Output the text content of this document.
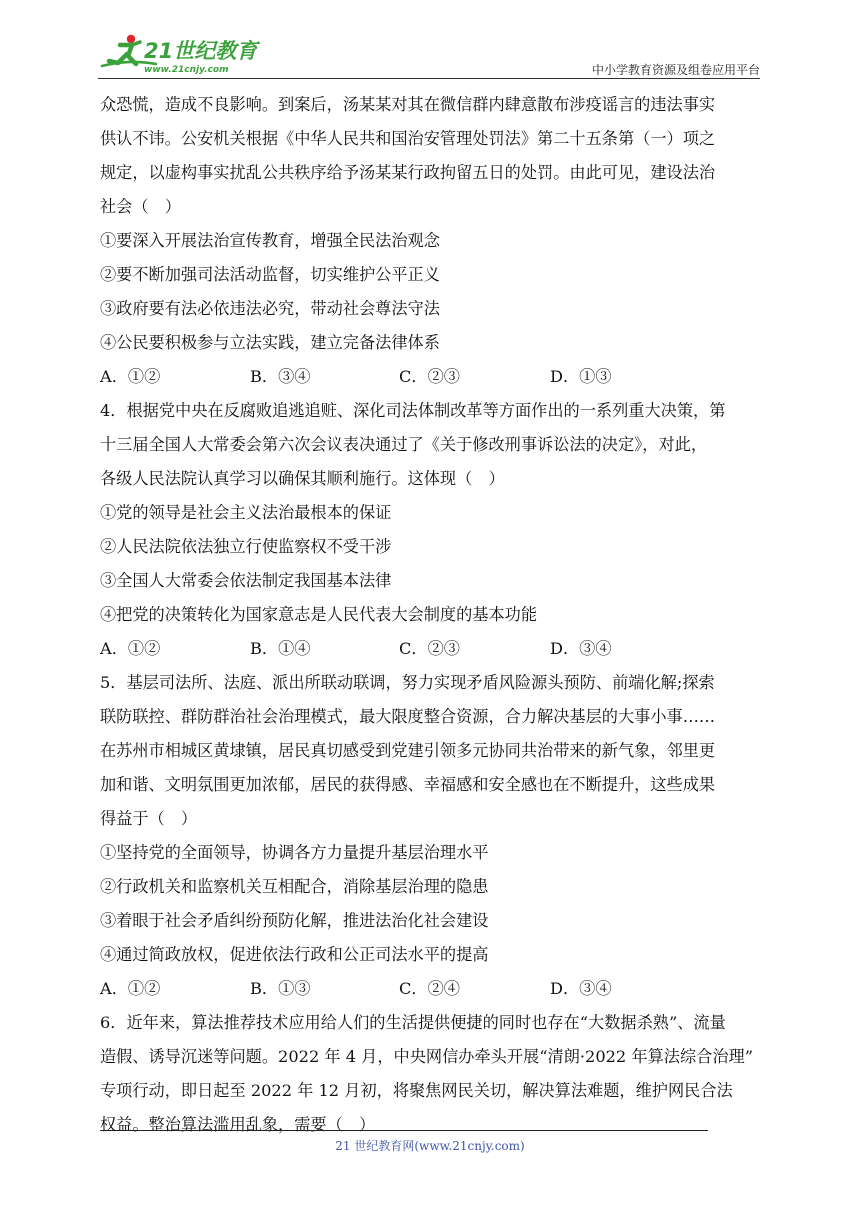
21世纪教育
www.21cnjy.com	中小学教育资源及组卷应用平台
众恐慌，造成不良影响。到案后，汤某某对其在微信群内肆意散布涉疫谣言的违法事实
供认不讳。公安机关根据《中华人民共和国治安管理处罚法》第二十五条第（一）项之
规定，以虚构事实扰乱公共秩序给予汤某某行政拘留五日的处罚。由此可见，建设法治
社会（　）
①要深入开展法治宣传教育，增强全民法治观念
②要不断加强司法活动监督，切实维护公平正义
③政府要有法必依违法必究，带动社会尊法守法
④公民要积极参与立法实践，建立完备法律体系
A．①②	B．③④	C．②③	D．①③
4．根据党中央在反腐败追逃追赃、深化司法体制改革等方面作出的一系列重大决策，第
十三届全国人大常委会第六次会议表决通过了《关于修改刑事诉讼法的决定》，对此，
各级人民法院认真学习以确保其顺利施行。这体现（　）
①党的领导是社会主义法治最根本的保证
②人民法院依法独立行使监察权不受干涉
③全国人大常委会依法制定我国基本法律
④把党的决策转化为国家意志是人民代表大会制度的基本功能
A．①②	B．①④	C．②③	D．③④
5．基层司法所、法庭、派出所联动联调，努力实现矛盾风险源头预防、前端化解;探索
联防联控、群防群治社会治理模式，最大限度整合资源，合力解决基层的大事小事……
在苏州市相城区黄埭镇，居民真切感受到党建引领多元协同共治带来的新气象，邻里更
加和谐、文明氛围更加浓郁，居民的获得感、幸福感和安全感也在不断提升，这些成果
得益于（　）
①坚持党的全面领导，协调各方力量提升基层治理水平
②行政机关和监察机关互相配合，消除基层治理的隐患
③着眼于社会矛盾纠纷预防化解，推进法治化社会建设
④通过简政放权，促进依法行政和公正司法水平的提高
A．①②	B．①③	C．②④	D．③④
6．近年来，算法推荐技术应用给人们的生活提供便捷的同时也存在“大数据杀熟”、流量
造假、诱导沉迷等问题。2022 年 4 月，中央网信办牵头开展“清朗·2022 年算法综合治理”
专项行动，即日起至 2022 年 12 月初，将聚焦网民关切，解决算法难题，维护网民合法
权益。整治算法滥用乱象，需要（　）
21 世纪教育网(www.21cnjy.com)
